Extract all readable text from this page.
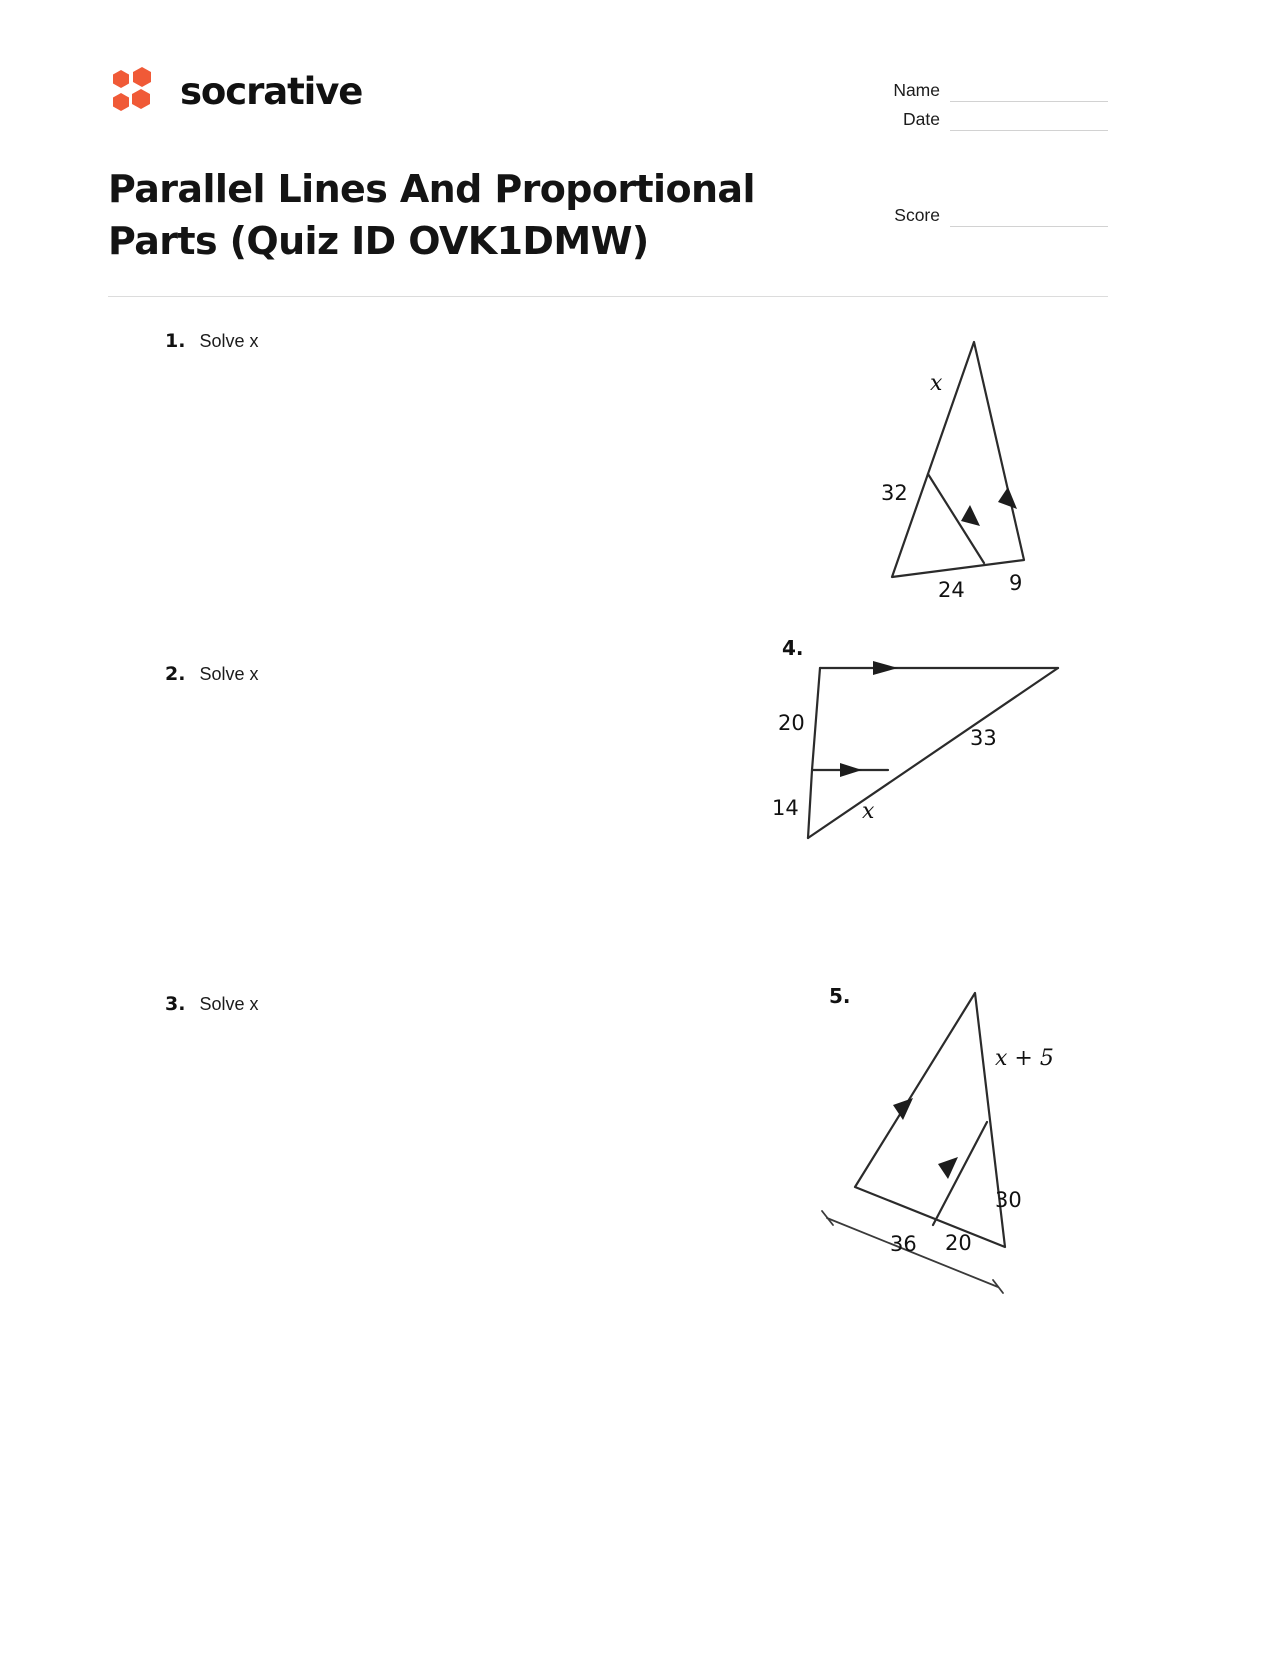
socrative
Parallel Lines And Proportional Parts (Quiz ID OVK1DMW)
Name
Date
Score
1. Solve x
x
32
24 9
2. Solve x
4.
20
14
33
x
3. Solve x	5.
x + 5
30
36 20
